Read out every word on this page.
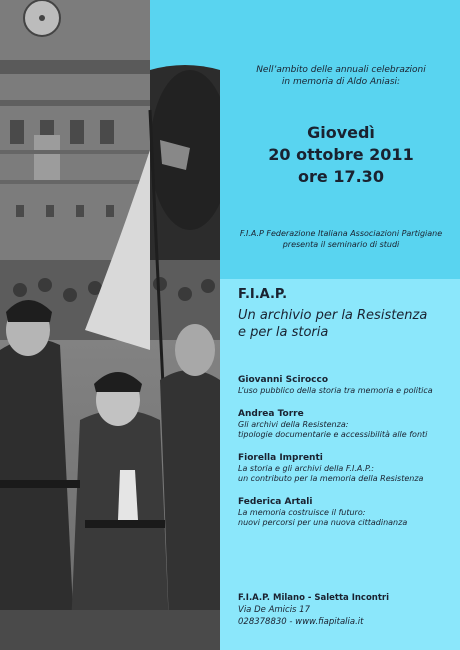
Nell’ambito delle annuali celebrazioni
in memoria di Aldo Aniasi:
Giovedì
20 ottobre 2011
ore 17.30
F.I.A.P Federazione Italiana Associazioni Partigiane
presenta il seminario di studi
F.I.A.P.
Un archivio per la Resistenza
e per la storia
Giovanni Scirocco
L’uso pubblico della storia tra memoria e politica
Andrea Torre
Gli archivi della Resistenza:
tipologie documentarie e accessibilità alle fonti
Fiorella Imprenti
La storia e gli archivi della F.I.A.P.:
un contributo per la memoria della Resistenza
Federica Artali
La memoria costruisce il futuro:
nuovi percorsi per una nuova cittadinanza
F.I.A.P. Milano - Saletta Incontri
Via De Amicis 17
028378830 - www.fiapitalia.it
